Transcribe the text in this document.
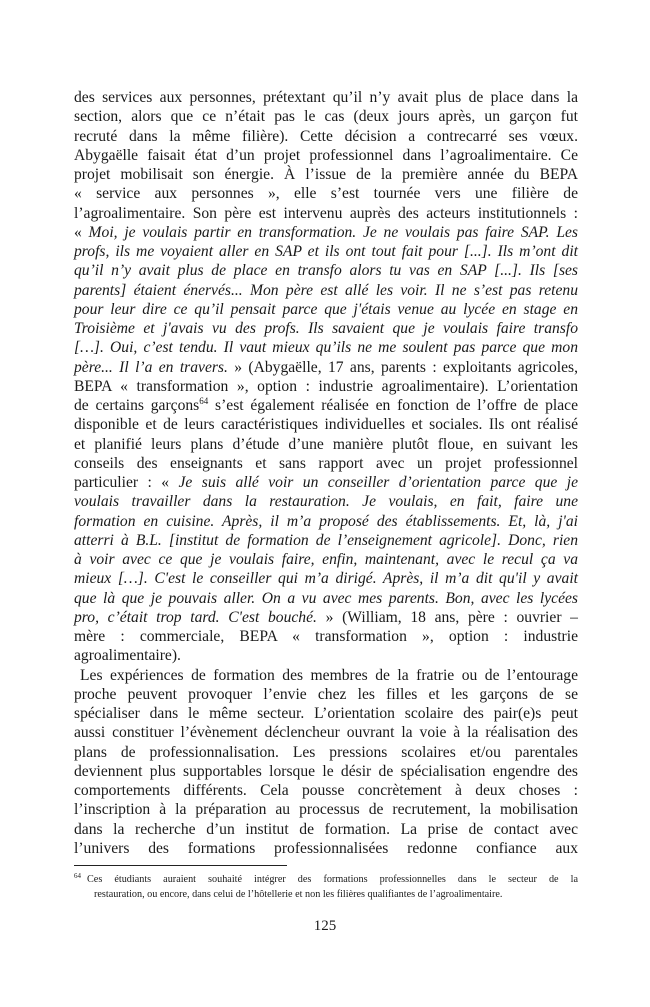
des services aux personnes, prétextant qu’il n’y avait plus de place dans la
section, alors que ce n’était pas le cas (deux jours après, un garçon fut
recruté dans la même filière). Cette décision a contrecarré ses vœux.
Abygaëlle faisait état d’un projet professionnel dans l’agroalimentaire. Ce
projet mobilisait son énergie. À l’issue de la première année du BEPA
« service aux personnes », elle s’est tournée vers une filière de
l’agroalimentaire. Son père est intervenu auprès des acteurs institutionnels :
« Moi, je voulais partir en transformation. Je ne voulais pas faire SAP. Les
profs, ils me voyaient aller en SAP et ils ont tout fait pour [...]. Ils m’ont dit
qu’il n’y avait plus de place en transfo alors tu vas en SAP [...]. Ils [ses
parents] étaient énervés... Mon père est allé les voir. Il ne s’est pas retenu
pour leur dire ce qu’il pensait parce que j'étais venue au lycée en stage en
Troisième et j'avais vu des profs. Ils savaient que je voulais faire transfo
[…]. Oui, c’est tendu. Il vaut mieux qu’ils ne me soulent pas parce que mon
père... Il l’a en travers. » (Abygaëlle, 17 ans, parents : exploitants agricoles,
BEPA « transformation », option : industrie agroalimentaire). L’orientation
de certains garçons$^{64}$ s’est également réalisée en fonction de l’offre de place
disponible et de leurs caractéristiques individuelles et sociales. Ils ont réalisé
et planifié leurs plans d’étude d’une manière plutôt floue, en suivant les
conseils des enseignants et sans rapport avec un projet professionnel
particulier : « Je suis allé voir un conseiller d’orientation parce que je
voulais travailler dans la restauration. Je voulais, en fait, faire une
formation en cuisine. Après, il m’a proposé des établissements. Et, là, j'ai
atterri à B.L. [institut de formation de l’enseignement agricole]. Donc, rien
à voir avec ce que je voulais faire, enfin, maintenant, avec le recul ça va
mieux […]. C'est le conseiller qui m’a dirigé. Après, il m’a dit qu'il y avait
que là que je pouvais aller. On a vu avec mes parents. Bon, avec les lycées
pro, c’était trop tard. C'est bouché. » (William, 18 ans, père : ouvrier –
mère : commerciale, BEPA « transformation », option : industrie
agroalimentaire).
Les expériences de formation des membres de la fratrie ou de l’entourage
proche peuvent provoquer l’envie chez les filles et les garçons de se
spécialiser dans le même secteur. L’orientation scolaire des pair(e)s peut
aussi constituer l’évènement déclencheur ouvrant la voie à la réalisation des
plans de professionnalisation. Les pressions scolaires et/ou parentales
deviennent plus supportables lorsque le désir de spécialisation engendre des
comportements différents. Cela pousse concrètement à deux choses :
l’inscription à la préparation au processus de recrutement, la mobilisation
dans la recherche d’un institut de formation. La prise de contact avec
l’univers des formations professionnalisées redonne confiance aux
$^{64}$ Ces étudiants auraient souhaité intégrer des formations professionnelles dans le secteur de la
restauration, ou encore, dans celui de l’hôtellerie et non les filières qualifiantes de l’agroalimentaire.
125
